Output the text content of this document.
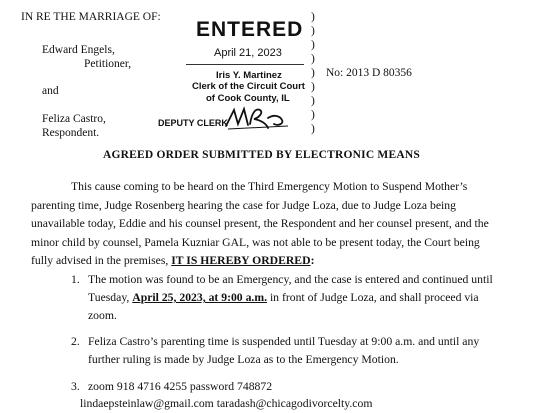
IN RE THE MARRIAGE OF:
Edward Engels,
Petitioner,
and
Feliza Castro,
Respondent.
)
)
)
)
)
)
)
)
)
No: 2013 D 80356
ENTERED
April 21, 2023
Iris Y. Martinez
Clerk of the Circuit Court
of Cook County, IL
DEPUTY CLERK
AGREED ORDER SUBMITTED BY ELECTRONIC MEANS
This cause coming to be heard on the Third Emergency Motion to Suspend Mother’s
parenting time, Judge Rosenberg hearing the case for Judge Loza, due to Judge Loza being
unavailable today, Eddie and his counsel present, the Respondent and her counsel present, and the
minor child by counsel, Pamela Kuzniar GAL, was not able to be present today, the Court being
fully advised in the premises, IT IS HEREBY ORDERED:
1. The motion was found to be an Emergency, and the case is entered and continued until
Tuesday, April 25, 2023, at 9:00 a.m. in front of Judge Loza, and shall proceed via
zoom.
2. Feliza Castro’s parenting time is suspended until Tuesday at 9:00 a.m. and until any
further ruling is made by Judge Loza as to the Emergency Motion.
3. zoom 918 4716 4255 password 748872
lindaepsteinlaw@gmail.com taradash@chicagodivorcelty.com
